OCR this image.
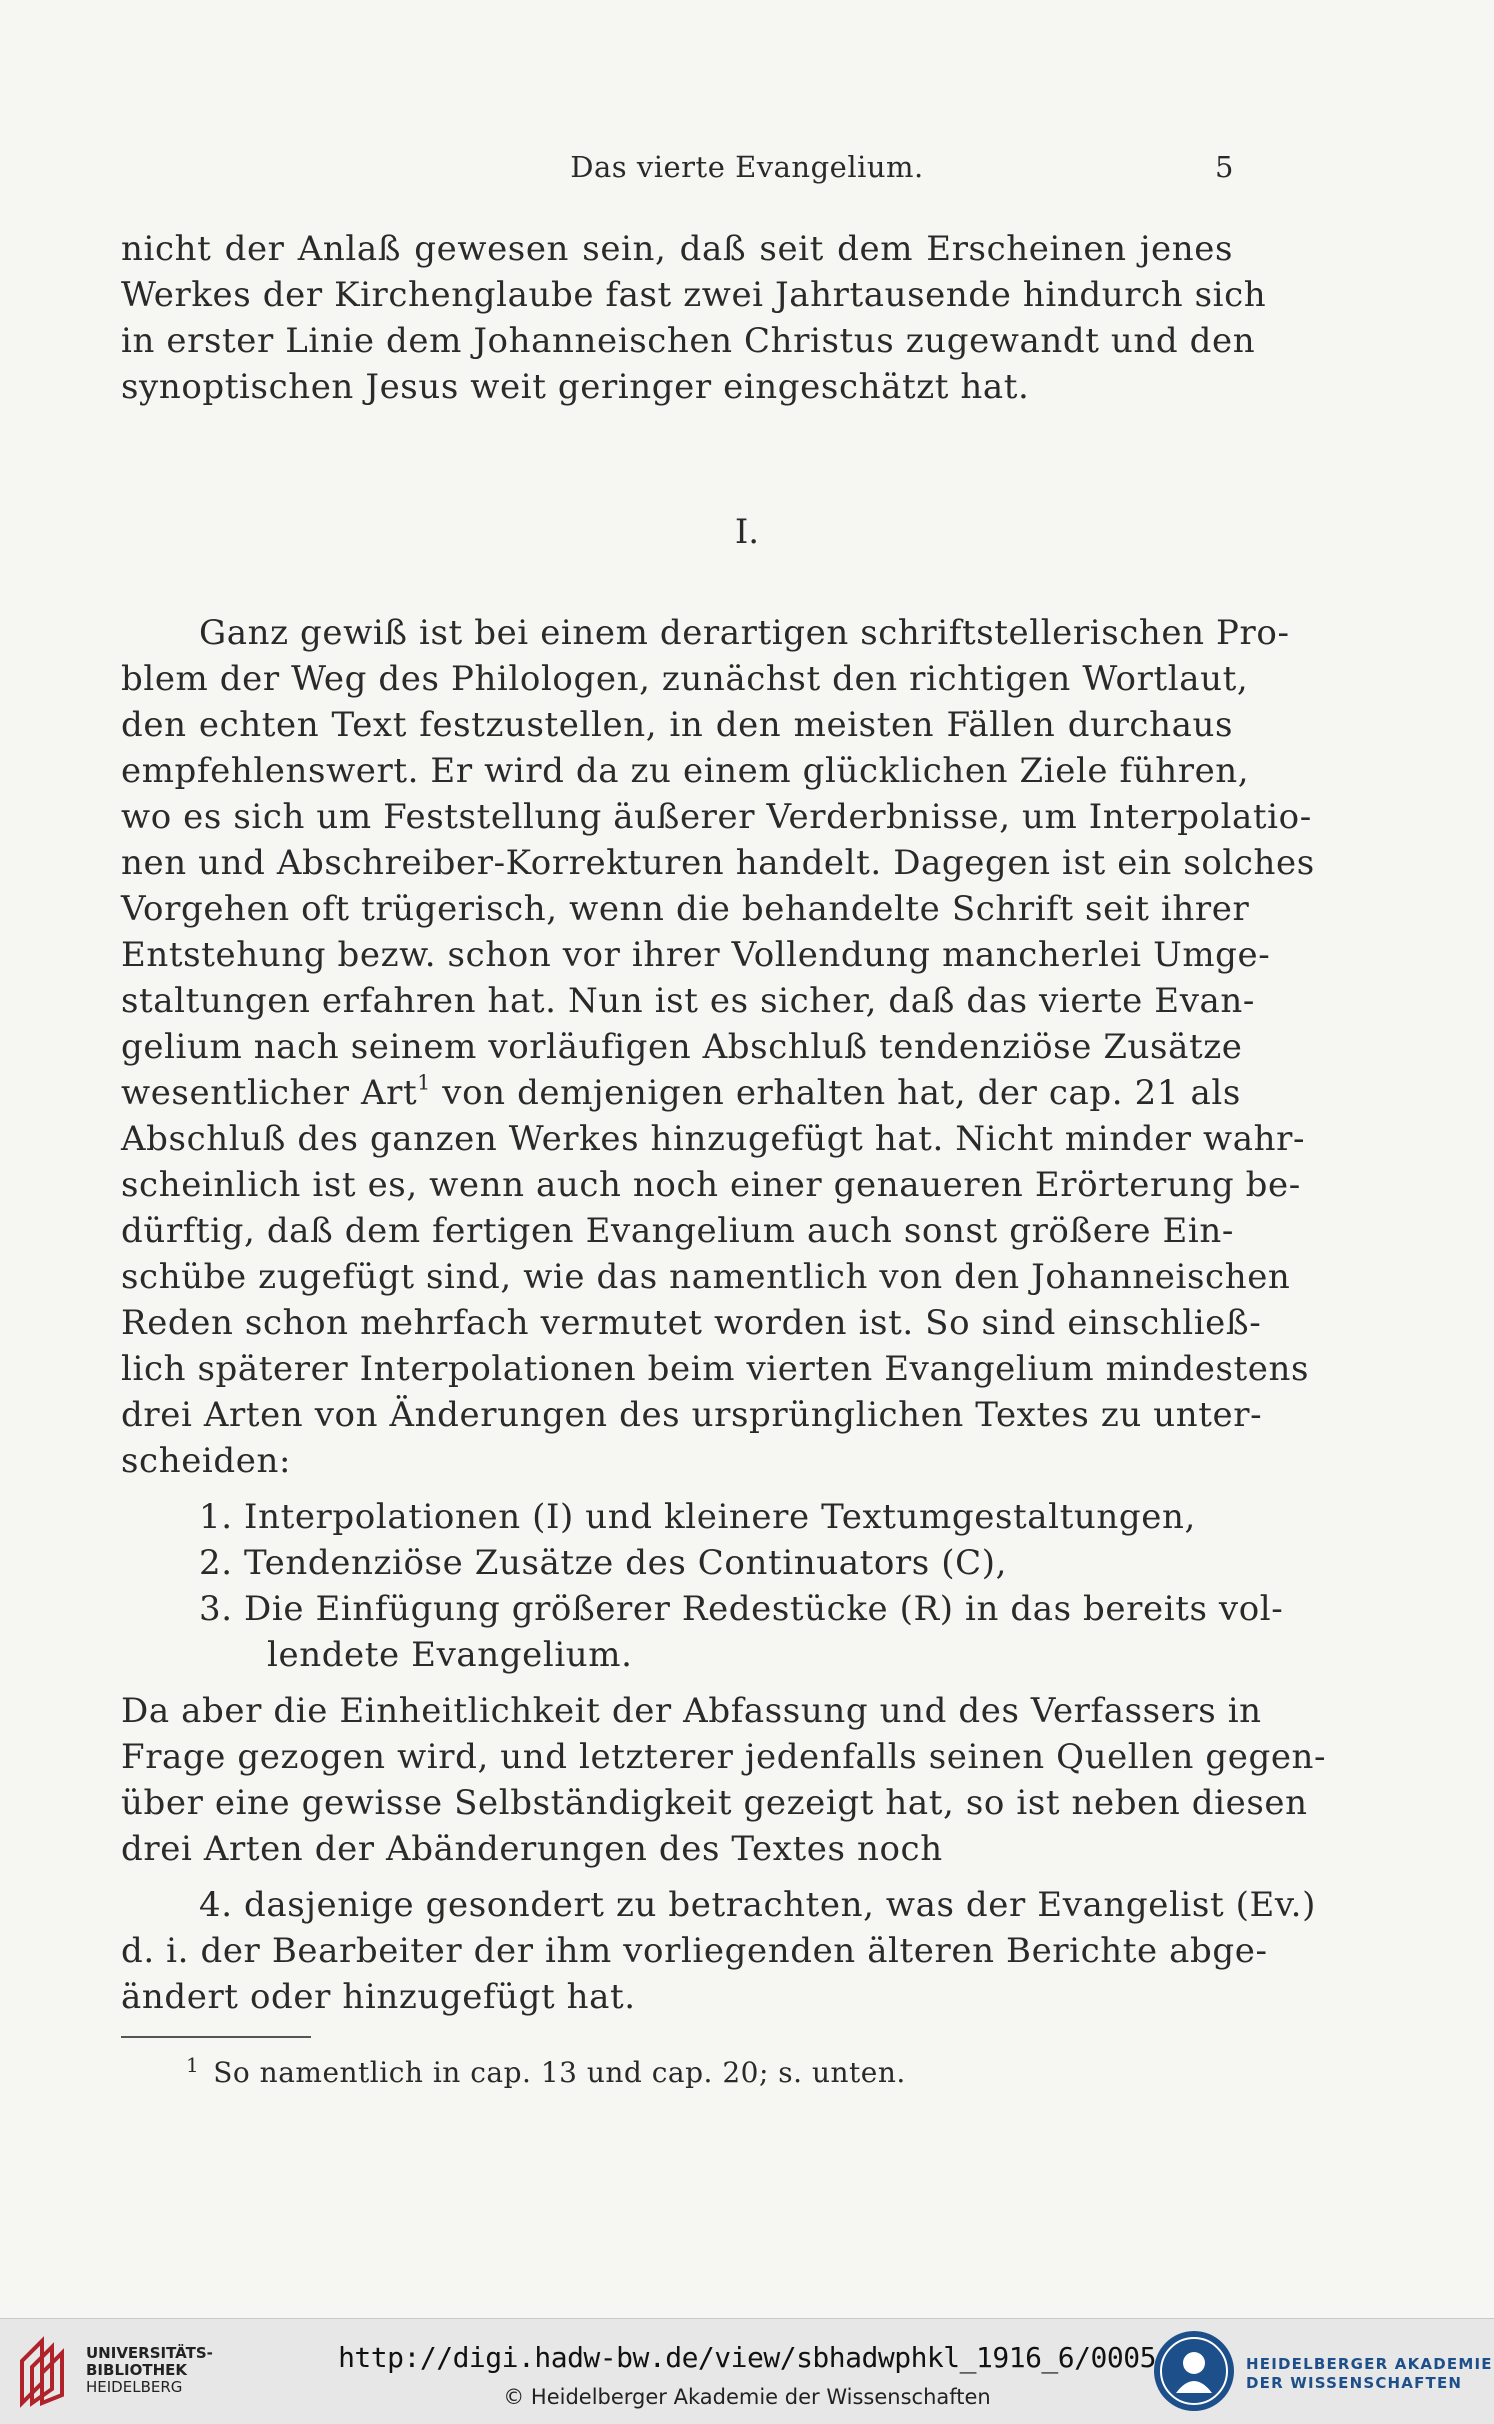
Das vierte Evangelium.	5
nicht der Anlaß gewesen sein, daß seit dem Erscheinen jenes
Werkes der Kirchenglaube fast zwei Jahrtausende hindurch sich
in erster Linie dem Johanneischen Christus zugewandt und den
synoptischen Jesus weit geringer eingeschätzt hat.
I.
Ganz gewiß ist bei einem derartigen schriftstellerischen Pro-
blem der Weg des Philologen, zunächst den richtigen Wortlaut,
den echten Text festzustellen, in den meisten Fällen durchaus
empfehlenswert. Er wird da zu einem glücklichen Ziele führen,
wo es sich um Feststellung äußerer Verderbnisse, um Interpolatio-
nen und Abschreiber-Korrekturen handelt. Dagegen ist ein solches
Vorgehen oft trügerisch, wenn die behandelte Schrift seit ihrer
Entstehung bezw. schon vor ihrer Vollendung mancherlei Umge-
staltungen erfahren hat. Nun ist es sicher, daß das vierte Evan-
gelium nach seinem vorläufigen Abschluß tendenziöse Zusätze
wesentlicher Art$^1$ von demjenigen erhalten hat, der cap. 21 als
Abschluß des ganzen Werkes hinzugefügt hat. Nicht minder wahr-
scheinlich ist es, wenn auch noch einer genaueren Erörterung be-
dürftig, daß dem fertigen Evangelium auch sonst größere Ein-
schübe zugefügt sind, wie das namentlich von den Johanneischen
Reden schon mehrfach vermutet worden ist. So sind einschließ-
lich späterer Interpolationen beim vierten Evangelium mindestens
drei Arten von Änderungen des ursprünglichen Textes zu unter-
scheiden:
1. Interpolationen (I) und kleinere Textumgestaltungen,
2. Tendenziöse Zusätze des Continuators (C),
3. Die Einfügung größerer Redestücke (R) in das bereits vol-
lendete Evangelium.
Da aber die Einheitlichkeit der Abfassung und des Verfassers in
Frage gezogen wird, und letzterer jedenfalls seinen Quellen gegen-
über eine gewisse Selbständigkeit gezeigt hat, so ist neben diesen
drei Arten der Abänderungen des Textes noch
4. dasjenige gesondert zu betrachten, was der Evangelist (Ev.)
d. i. der Bearbeiter der ihm vorliegenden älteren Berichte abge-
ändert oder hinzugefügt hat.
$^1$ So namentlich in cap. 13 und cap. 20; s. unten.
UNIVERSITÄTS-
BIBLIOTHEK
HEIDELBERG
http://digi.hadw-bw.de/view/sbhadwphkl_1916_6/0005
© Heidelberger Akademie der Wissenschaften
HEIDELBERGER AKADEMIE
DER WISSENSCHAFTEN
